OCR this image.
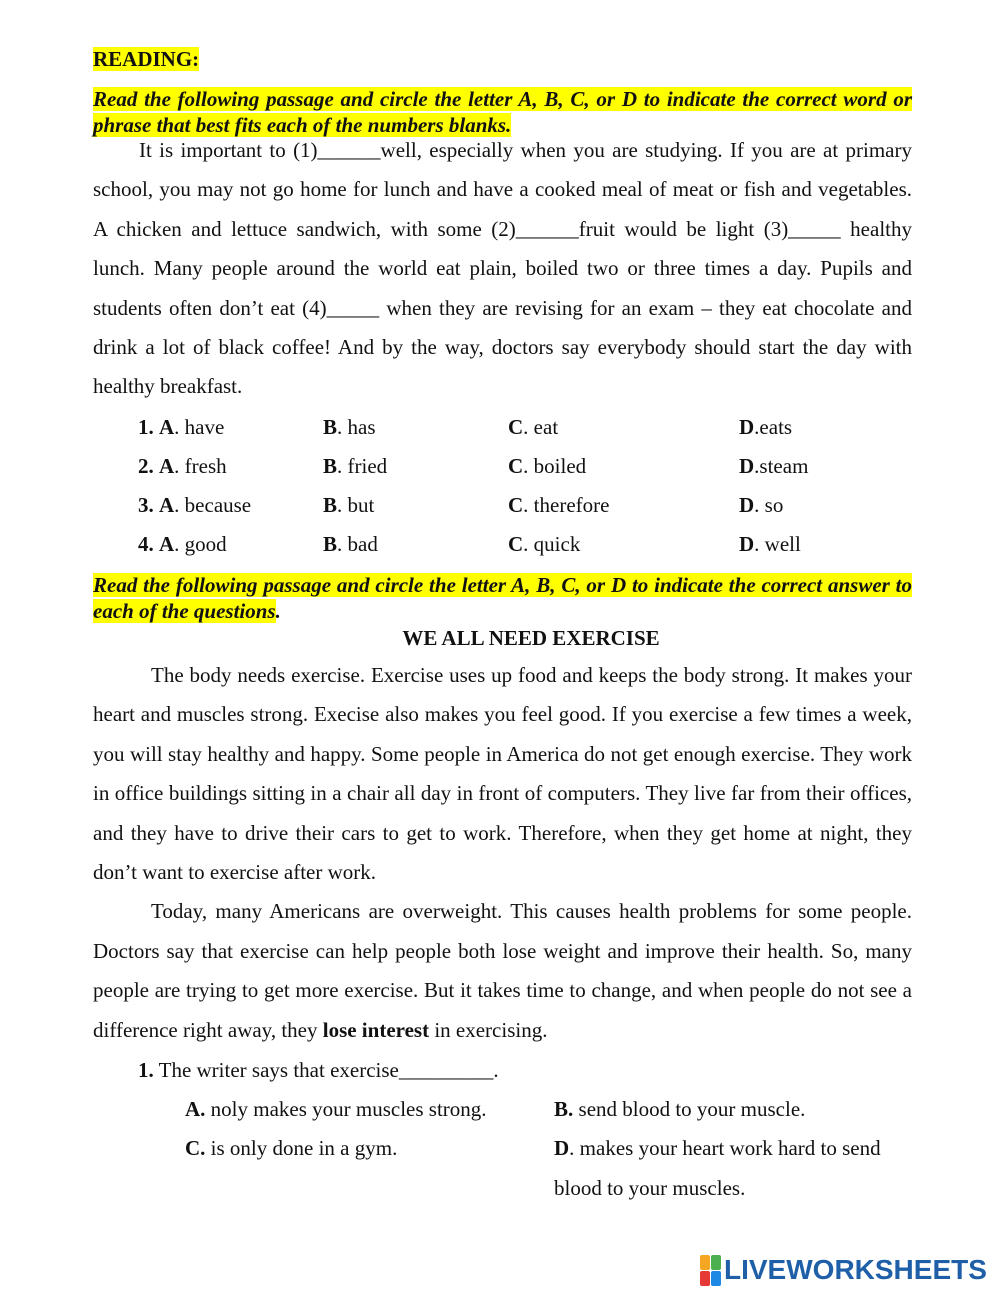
READING:
Read the following passage and circle the letter A, B, C, or D to indicate the correct word or phrase that best fits each of the numbers blanks.

It is important to (1)______well, especially when you are studying. If you are at primary school, you may not go home for lunch and have a cooked meal of meat or fish and vegetables. A chicken and lettuce sandwich, with some (2)______fruit would be light (3)_____ healthy lunch. Many people around the world eat plain, boiled two or three times a day. Pupils and students often don’t eat (4)_____ when they are revising for an exam – they eat chocolate and drink a lot of black coffee! And by the way, doctors say everybody should start the day with healthy breakfast.

1. A. have	B. has	C. eat	D.eats
2. A. fresh	B. fried	C. boiled	D.steam
3. A. because	B. but	C. therefore	D. so
4. A. good	B. bad	C. quick	D. well
Read the following passage and circle the letter A, B, C, or D to indicate the correct answer to each of the questions.
WE ALL NEED EXERCISE

The body needs exercise. Exercise uses up food and keeps the body strong. It makes your heart and muscles strong. Execise also makes you feel good. If you exercise a few times a week, you will stay healthy and happy. Some people in America do not get enough exercise. They work in office buildings sitting in a chair all day in front of computers. They live far from their offices, and they have to drive their cars to get to work. Therefore, when they get home at night, they don’t want to exercise after work.

Today, many Americans are overweight. This causes health problems for some people. Doctors say that exercise can help people both lose weight and improve their health. So, many people are trying to get more exercise. But it takes time to change, and when people do not see a difference right away, they lose interest in exercising.

1. The writer says that exercise_________.
A. noly makes your muscles strong.	B. send blood to your muscle.
C. is only done in a gym.	D. makes your heart work hard to send blood to your muscles.
LIVEWORKSHEETS
